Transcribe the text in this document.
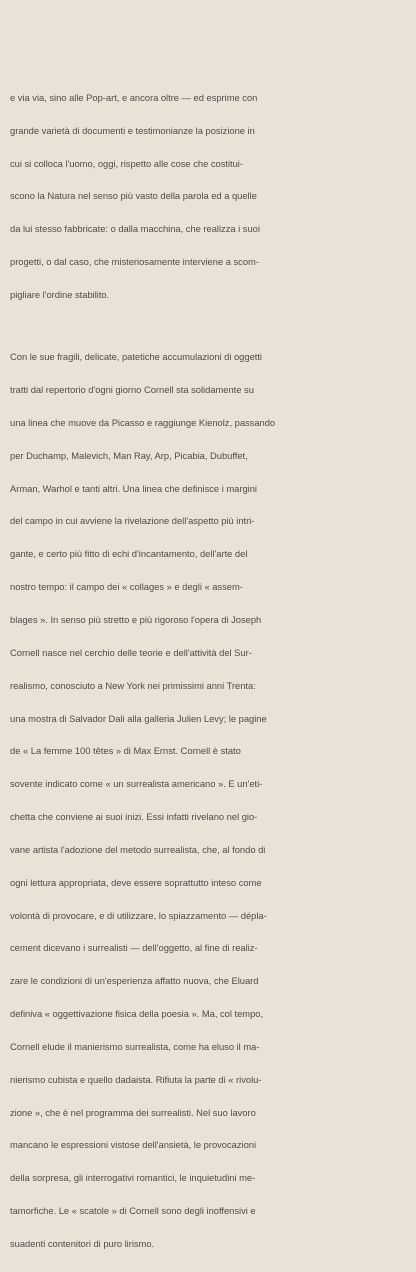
e via via, sino alle Pop-art, e ancora oltre — ed esprime con

grande varietà di documenti e testimonianze la posizione in

cui si colloca l'uomo, oggi, rispetto alle cose che costitui-

scono la Natura nel senso più vasto della parola ed a quelle

da lui stesso fabbricate: o dalla macchina, che realizza i suoi

progetti, o dal caso, che misteriosamente interviene a scom-

pigliare l'ordine stabilito.

Con le sue fragili, delicate, patetiche accumulazioni di oggetti

tratti dal repertorio d'ogni giorno Cornell sta solidamente su

una linea che muove da Picasso e raggiunge Kienolz, passando

per Duchamp, Malevich, Man Ray, Arp, Picabia, Dubuffet,

Arman, Warhol e tanti altri. Una linea che definisce i margini

del campo in cui avviene la rivelazione dell'aspetto più intri-

gante, e certo più fitto di echi d'incantamento, dell'arte del

nostro tempo: il campo dei « collages » e degli « assem-

blages ». In senso più stretto e più rigoroso l'opera di Joseph

Cornell nasce nel cerchio delle teorie e dell'attività del Sur-

realismo, conosciuto a New York nei primissimi anni Trenta:

una mostra di Salvador Dali alla galleria Julien Levy; le pagine

de « La femme 100 têtes » di Max Ernst. Cornell è stato

sovente indicato come « un surrealista americano ». E un'eti-

chetta che conviene ai suoi inizi. Essi infatti rivelano nel gio-

vane artista l'adozione del metodo surrealista, che, al fondo di

ogni lettura appropriata, deve essere soprattutto inteso come

volontà di provocare, e di utilizzare, lo spiazzamento — déplа-

cement dicevano i surrealisti — dell'oggetto, al fine di realiz-

zare le condizioni di un'esperienza affatto nuova, che Eluard

definiva « oggettivazione fisica della poesia ». Ma, col tempo,

Cornell elude il manierismo surrealista, come ha eluso il ma-

nierismo cubista e quello dadaista. Rifiuta la parte di « rivolu-

zione », che è nel programma dei surrealisti. Nel suo lavoro

mancano le espressioni vistose dell'ansietà, le provocazioni

della sorpresa, gli interrogativi romantici, le inquietudini me-

tamorfiche. Le « scatole » di Cornell sono degli inoffensivi e

suadenti contenitori di puro lirismo.
